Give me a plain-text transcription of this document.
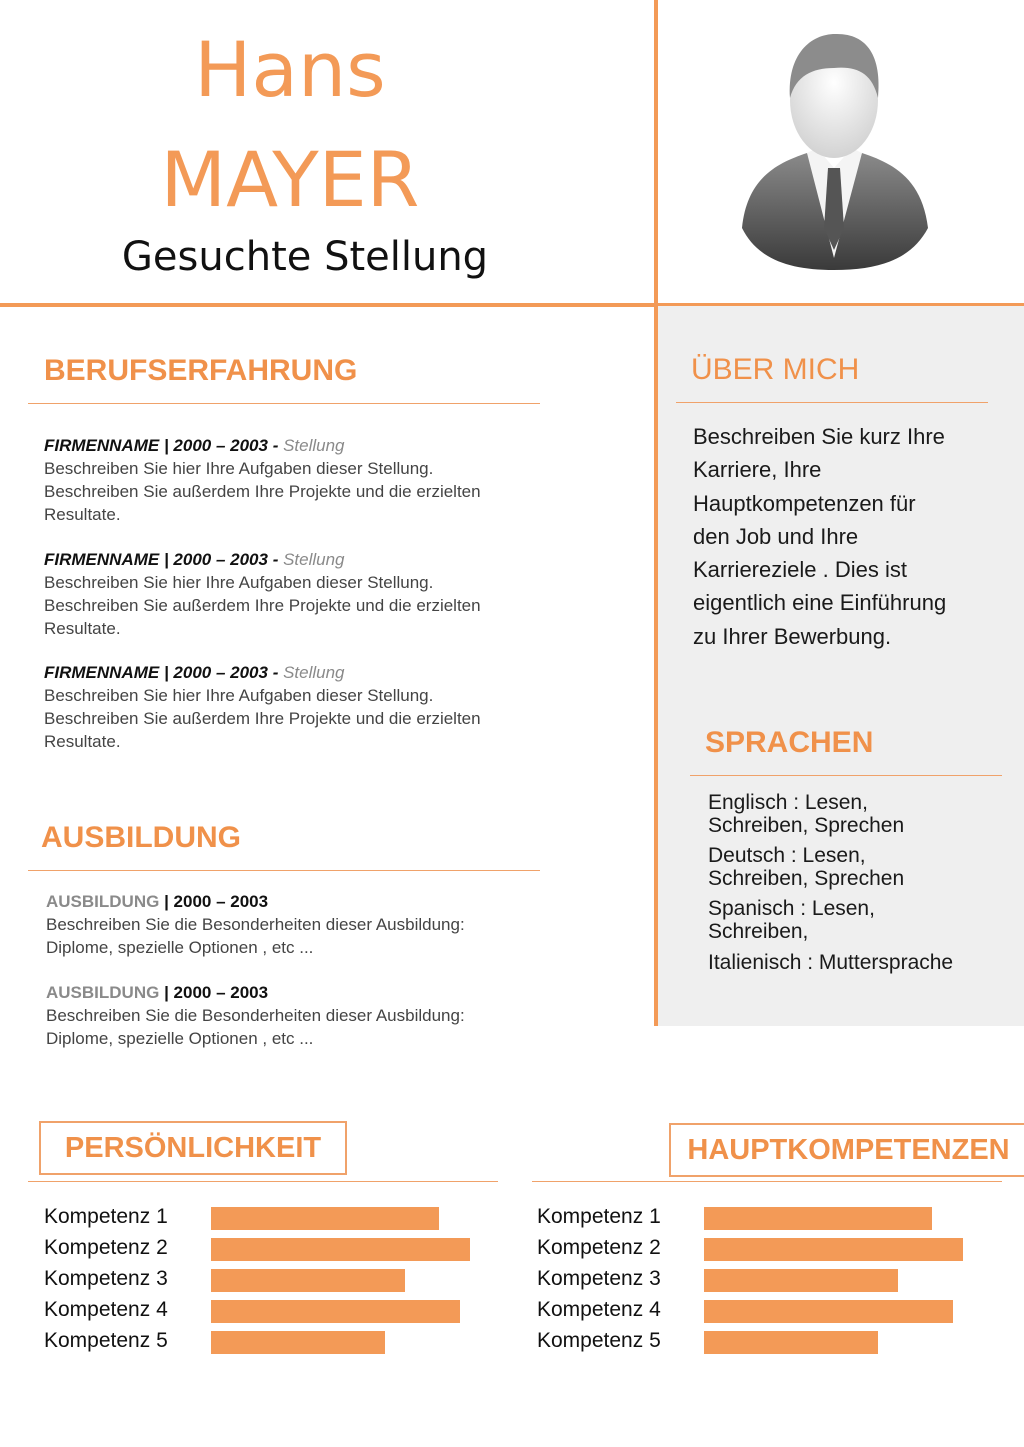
Hans
MAYER
Gesuchte Stellung
BERUFSERFAHRUNG
FIRMENNAME | 2000 – 2003 - Stellung
Beschreiben Sie hier Ihre Aufgaben dieser Stellung.
Beschreiben Sie außerdem Ihre Projekte und die erzielten
Resultate.
FIRMENNAME | 2000 – 2003 - Stellung
Beschreiben Sie hier Ihre Aufgaben dieser Stellung.
Beschreiben Sie außerdem Ihre Projekte und die erzielten
Resultate.
FIRMENNAME | 2000 – 2003 - Stellung
Beschreiben Sie hier Ihre Aufgaben dieser Stellung.
Beschreiben Sie außerdem Ihre Projekte und die erzielten
Resultate.
AUSBILDUNG
AUSBILDUNG | 2000 – 2003
Beschreiben Sie die Besonderheiten dieser Ausbildung:
Diplome, spezielle Optionen , etc ...
AUSBILDUNG | 2000 – 2003
Beschreiben Sie die Besonderheiten dieser Ausbildung:
Diplome, spezielle Optionen , etc ...
ÜBER MICH
Beschreiben Sie kurz Ihre
Karriere, Ihre
Hauptkompetenzen für
den Job und Ihre
Karriereziele . Dies ist
eigentlich eine Einführung
zu Ihrer Bewerbung.
SPRACHEN
Englisch : Lesen,
Schreiben, Sprechen
Deutsch : Lesen,
Schreiben, Sprechen
Spanisch : Lesen,
Schreiben,
Italienisch : Muttersprache
PERSÖNLICHKEIT
Kompetenz 1
Kompetenz 2
Kompetenz 3
Kompetenz 4
Kompetenz 5
HAUPTKOMPETENZEN
Kompetenz 1
Kompetenz 2
Kompetenz 3
Kompetenz 4
Kompetenz 5
